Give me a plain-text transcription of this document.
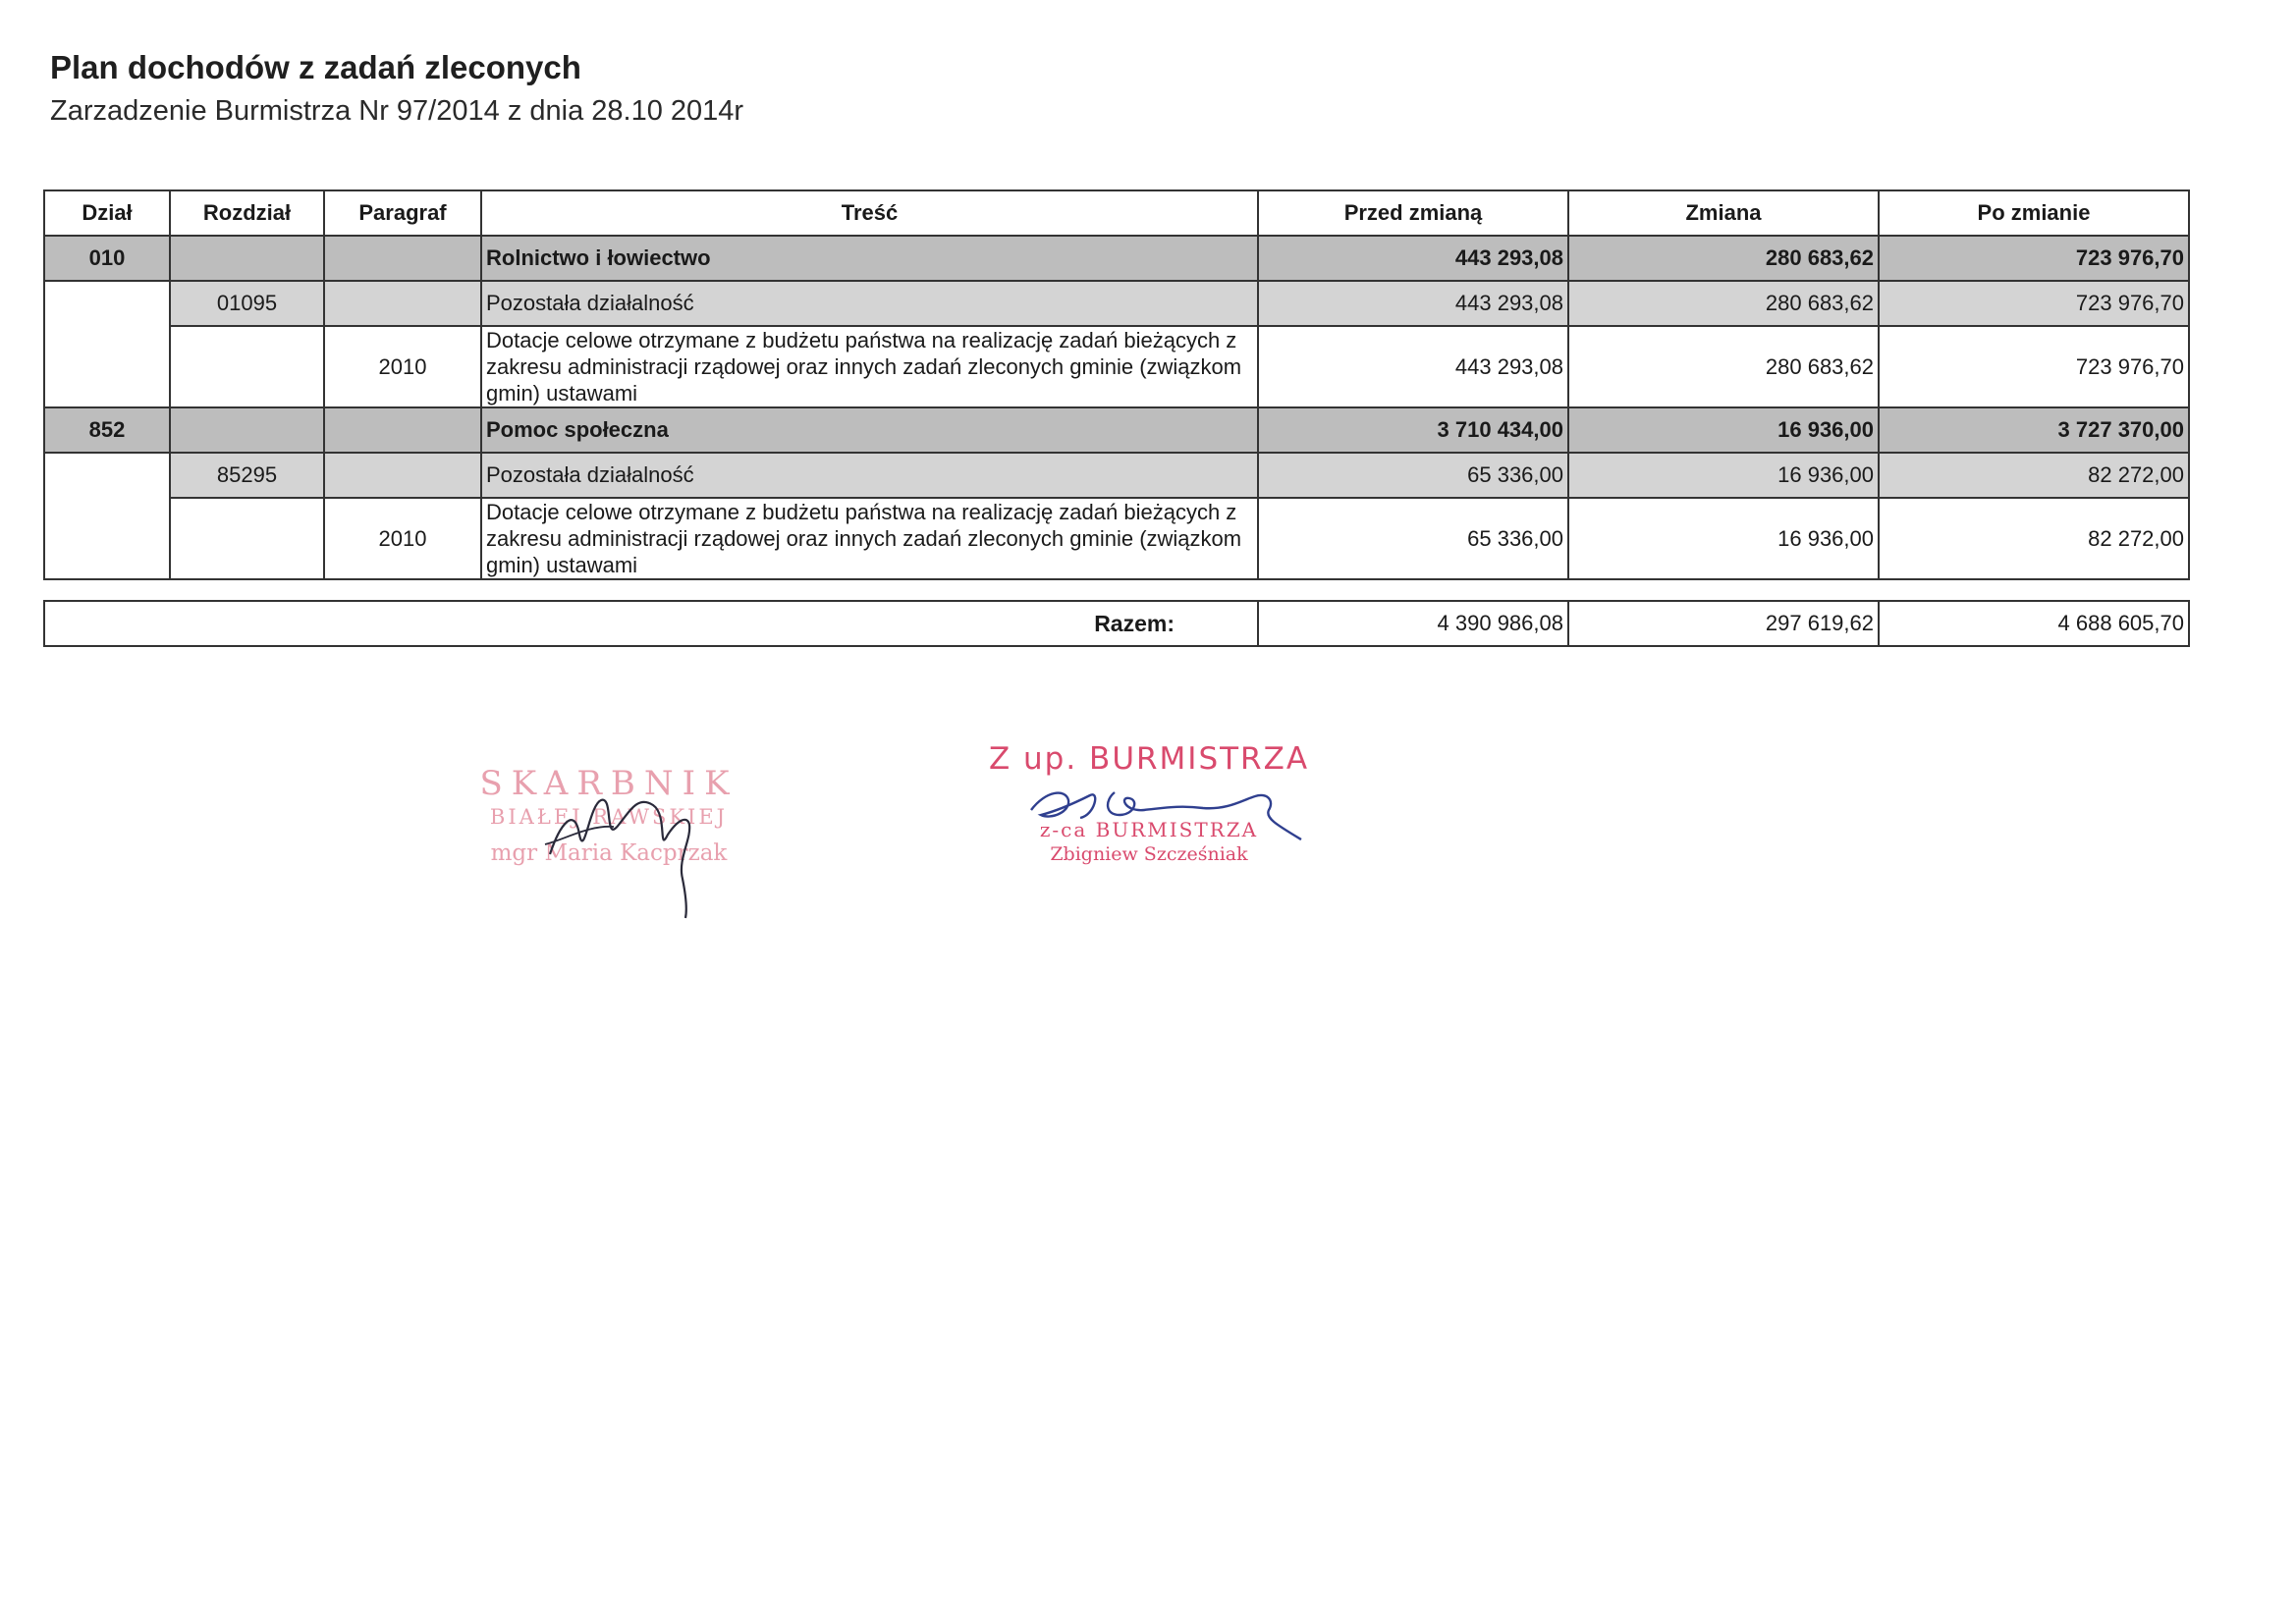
Plan dochodów z zadań zleconych
Zarzadzenie Burmistrza Nr 97/2014 z dnia 28.10 2014r
Dział	Rozdział	Paragraf	Treść	Przed zmianą	Zmiana	Po zmianie
010			Rolnictwo i łowiectwo	443 293,08	280 683,62	723 976,70
	01095		Pozostała działalność	443 293,08	280 683,62	723 976,70
		2010	Dotacje celowe otrzymane z budżetu państwa na realizację zadań bieżących z zakresu administracji rządowej oraz innych zadań zleconych gminie (związkom gmin) ustawami	443 293,08	280 683,62	723 976,70
852			Pomoc społeczna	3 710 434,00	16 936,00	3 727 370,00
	85295		Pozostała działalność	65 336,00	16 936,00	82 272,00
		2010	Dotacje celowe otrzymane z budżetu państwa na realizację zadań bieżących z zakresu administracji rządowej oraz innych zadań zleconych gminie (związkom gmin) ustawami	65 336,00	16 936,00	82 272,00
Razem:	4 390 986,08	297 619,62	4 688 605,70
SKARBNIK
BIAŁEJ RAWSKIEJ
mgr Maria Kacprzak
Z up. BURMISTRZA
z-ca BURMISTRZA
Zbigniew Szcześniak
